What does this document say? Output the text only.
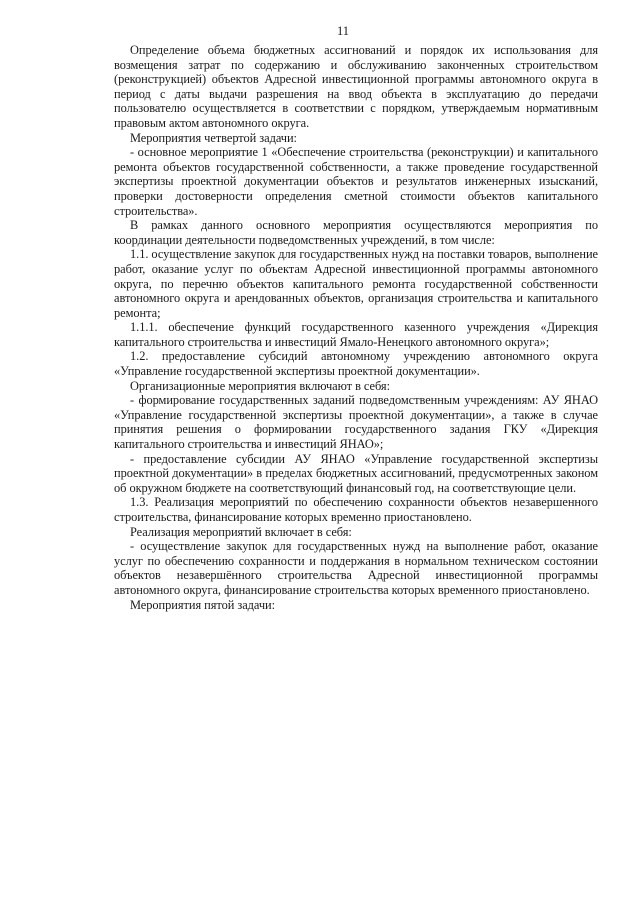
11

Определение объема бюджетных ассигнований и порядок их использования для возмещения затрат по содержанию и обслуживанию законченных строительством (реконструкцией) объектов Адресной инвестиционной программы автономного округа в период с даты выдачи разрешения на ввод объекта в эксплуатацию до передачи пользователю осуществляется в соответствии с порядком, утверждаемым нормативным правовым актом автономного округа.

Мероприятия четвертой задачи:

- основное мероприятие 1 «Обеспечение строительства (реконструкции) и капитального ремонта объектов государственной собственности, а также проведение государственной экспертизы проектной документации объектов и результатов инженерных изысканий, проверки достоверности определения сметной стоимости объектов капитального строительства».

В рамках данного основного мероприятия осуществляются мероприятия по координации деятельности подведомственных учреждений, в том числе:

1.1. осуществление закупок для государственных нужд на поставки товаров, выполнение работ, оказание услуг по объектам Адресной инвестиционной программы автономного округа, по перечню объектов капитального ремонта государственной собственности автономного округа и арендованных объектов, организация строительства и капитального ремонта;

1.1.1. обеспечение функций государственного казенного учреждения «Дирекция капитального строительства и инвестиций Ямало-Ненецкого автономного округа»;

1.2. предоставление субсидий автономному учреждению автономного округа «Управление государственной экспертизы проектной документации».

Организационные мероприятия включают в себя:

- формирование государственных заданий подведомственным учреждениям: АУ ЯНАО «Управление государственной экспертизы проектной документации», а также в случае принятия решения о формировании государственного задания ГКУ «Дирекция капитального строительства и инвестиций ЯНАО»;

- предоставление субсидии АУ ЯНАО «Управление государственной экспертизы проектной документации» в пределах бюджетных ассигнований, предусмотренных законом об окружном бюджете на соответствующий финансовый год, на соответствующие цели.

1.3. Реализация мероприятий по обеспечению сохранности объектов незавершенного строительства, финансирование которых временно приостановлено.

Реализация мероприятий включает в себя:

- осуществление закупок для государственных нужд на выполнение работ, оказание услуг по обеспечению сохранности и поддержания в нормальном техническом состоянии объектов незавершённого строительства Адресной инвестиционной программы автономного округа, финансирование строительства которых временного приостановлено.

Мероприятия пятой задачи:
